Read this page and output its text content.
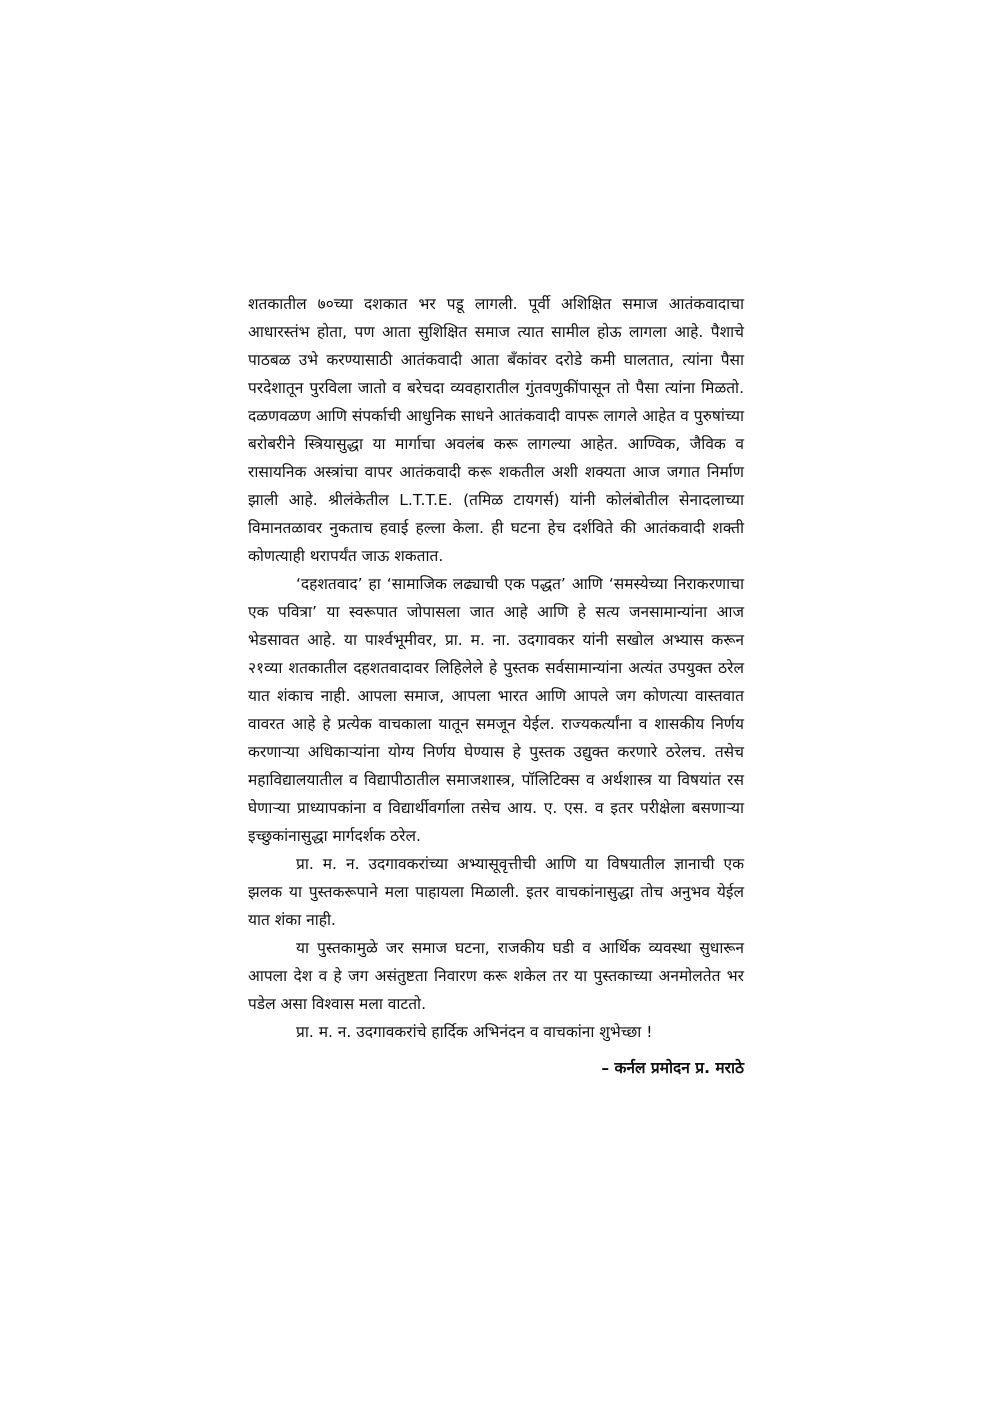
शतकातील ७०च्या दशकात भर पडू लागली. पूर्वी अशिक्षित समाज आतंकवादाचा आधारस्तंभ होता, पण आता सुशिक्षित समाज त्यात सामील होऊ लागला आहे. पैशाचे पाठबळ उभे करण्यासाठी आतंकवादी आता बँकांवर दरोडे कमी घालतात, त्यांना पैसा परदेशातून पुरविला जातो व बरेचदा व्यवहारातील गुंतवणुकींपासून तो पैसा त्यांना मिळतो. दळणवळण आणि संपर्काची आधुनिक साधने आतंकवादी वापरू लागले आहेत व पुरुषांच्या बरोबरीने स्त्रियासुद्धा या मार्गाचा अवलंब करू लागल्या आहेत. आण्विक, जैविक व रासायनिक अस्त्रांचा वापर आतंकवादी करू शकतील अशी शक्यता आज जगात निर्माण झाली आहे. श्रीलंकेतील L.T.T.E. (तमिळ टायगर्स) यांनी कोलंबोतील सेनादलाच्या विमानतळावर नुकताच हवाई हल्ला केला. ही घटना हेच दर्शविते की आतंकवादी शक्ती कोणत्याही थरापर्यंत जाऊ शकतात.

‘दहशतवाद’ हा ‘सामाजिक लढ्याची एक पद्धत’ आणि ‘समस्येच्या निराकरणाचा एक पवित्रा’ या स्वरूपात जोपासला जात आहे आणि हे सत्य जनसामान्यांना आज भेडसावत आहे. या पार्श्वभूमीवर, प्रा. म. ना. उदगावकर यांनी सखोल अभ्यास करून २१व्या शतकातील दहशतवादावर लिहिलेले हे पुस्तक सर्वसामान्यांना अत्यंत उपयुक्त ठरेल यात शंकाच नाही. आपला समाज, आपला भारत आणि आपले जग कोणत्या वास्तवात वावरत आहे हे प्रत्येक वाचकाला यातून समजून येईल. राज्यकर्त्यांना व शासकीय निर्णय करणाऱ्या अधिकाऱ्यांना योग्य निर्णय घेण्यास हे पुस्तक उद्युक्त करणारे ठरेलच. तसेच महाविद्यालयातील व विद्यापीठातील समाजशास्त्र, पॉलिटिक्स व अर्थशास्त्र या विषयांत रस घेणाऱ्या प्राध्यापकांना व विद्यार्थीवर्गाला तसेच आय. ए. एस. व इतर परीक्षेला बसणाऱ्या इच्छुकांनासुद्धा मार्गदर्शक ठरेल.

प्रा. म. न. उदगावकरांच्या अभ्यासूवृत्तीची आणि या विषयातील ज्ञानाची एक झलक या पुस्तकरूपाने मला पाहायला मिळाली. इतर वाचकांनासुद्धा तोच अनुभव येईल यात शंका नाही.

या पुस्तकामुळे जर समाज घटना, राजकीय घडी व आर्थिक व्यवस्था सुधारून आपला देश व हे जग असंतुष्टता निवारण करू शकेल तर या पुस्तकाच्या अनमोलतेत भर पडेल असा विश्वास मला वाटतो.

प्रा. म. न. उदगावकरांचे हार्दिक अभिनंदन व वाचकांना शुभेच्छा !

– कर्नल प्रमोदन प्र. मराठे
